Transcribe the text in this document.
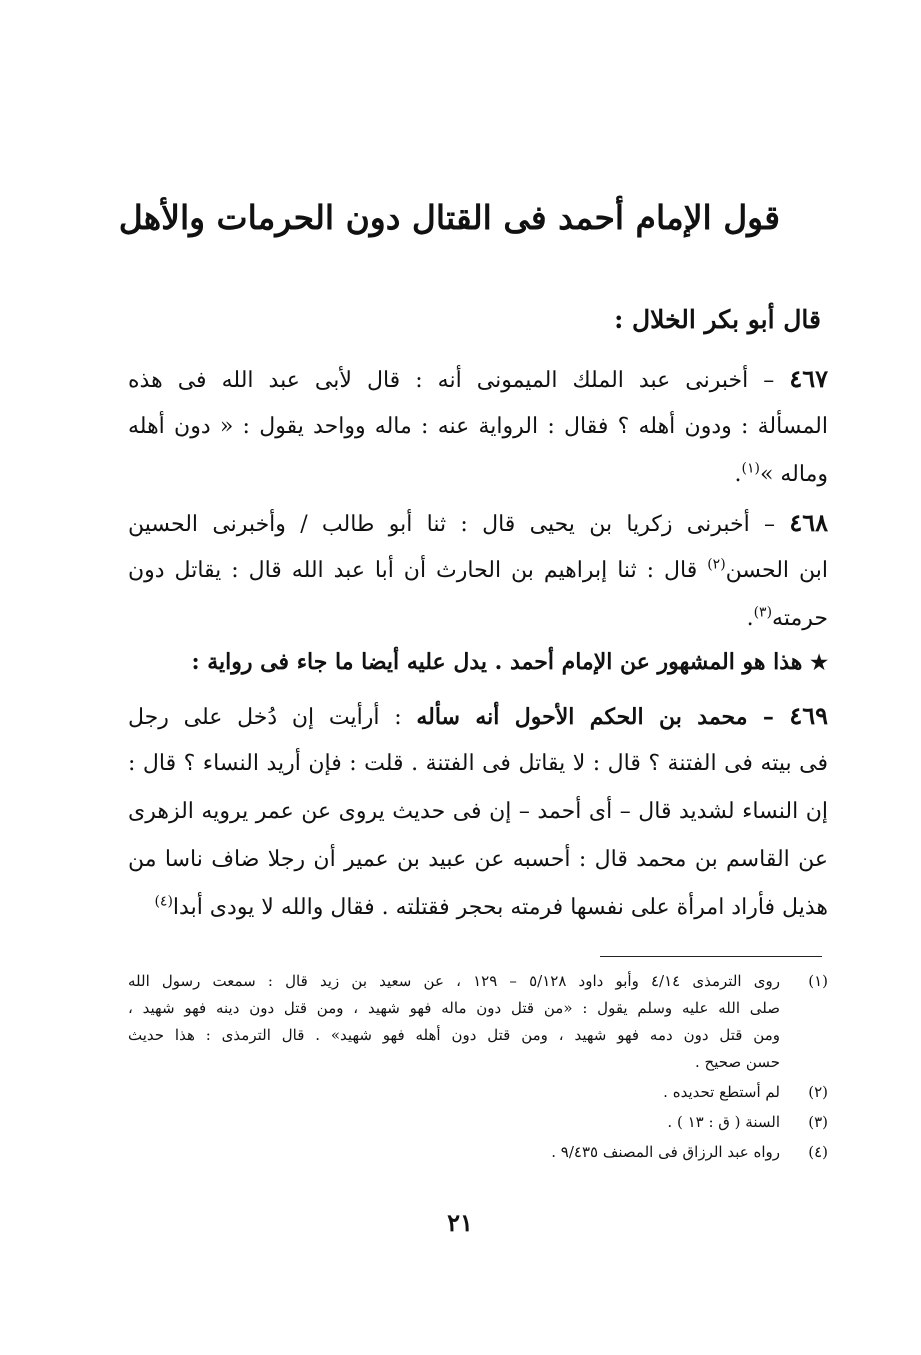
قول الإمام أحمد فى القتال دون الحرمات والأهل
قال أبو بكر الخلال :
٤٦٧ – أخبرنى عبد الملك الميمونى أنه : قال لأبى عبد الله فى هذه
المسألة : ودون أهله ؟ فقال : الرواية عنه : ماله وواحد يقول : « دون أهله
وماله »$^{(١)}$.
٤٦٨ – أخبرنى زكريا بن يحيى قال : ثنا أبو طالب / وأخبرنى الحسين
ابن الحسن$^{(٢)}$ قال : ثنا إبراهيم بن الحارث أن أبا عبد الله قال : يقاتل دون
حرمته$^{(٣)}$.
★ هذا هو المشهور عن الإمام أحمد . يدل عليه أيضا ما جاء فى رواية :
٤٦٩ – محمد بن الحكم الأحول أنه سأله : أرأيت إن دُخل على رجل
فى بيته فى الفتنة ؟ قال : لا يقاتل فى الفتنة . قلت : فإن أريد النساء ؟ قال :
إن النساء لشديد قال – أى أحمد – إن فى حديث يروى عن عمر يرويه الزهرى
عن القاسم بن محمد قال : أحسبه عن عبيد بن عمير أن رجلا ضاف ناسا من
هذيل فأراد امرأة على نفسها فرمته بحجر فقتلته . فقال والله لا يودى أبدا$^{(٤)}$
(١)
روى الترمذى ٤/١٤ وأبو داود ٥/١٢٨ – ١٢٩ ، عن سعيد بن زيد قال : سمعت رسول الله
صلى الله عليه وسلم يقول : «من قتل دون ماله فهو شهيد ، ومن قتل دون دينه فهو شهيد ،
ومن قتل دون دمه فهو شهيد ، ومن قتل دون أهله فهو شهيد» . قال الترمذى : هذا حديث
حسن صحيح .
(٢)
لم أستطع تحديده .
(٣)
السنة ( ق : ١٣ ) .
(٤)
رواه عبد الرزاق فى المصنف ٩/٤٣٥ .
٢١
